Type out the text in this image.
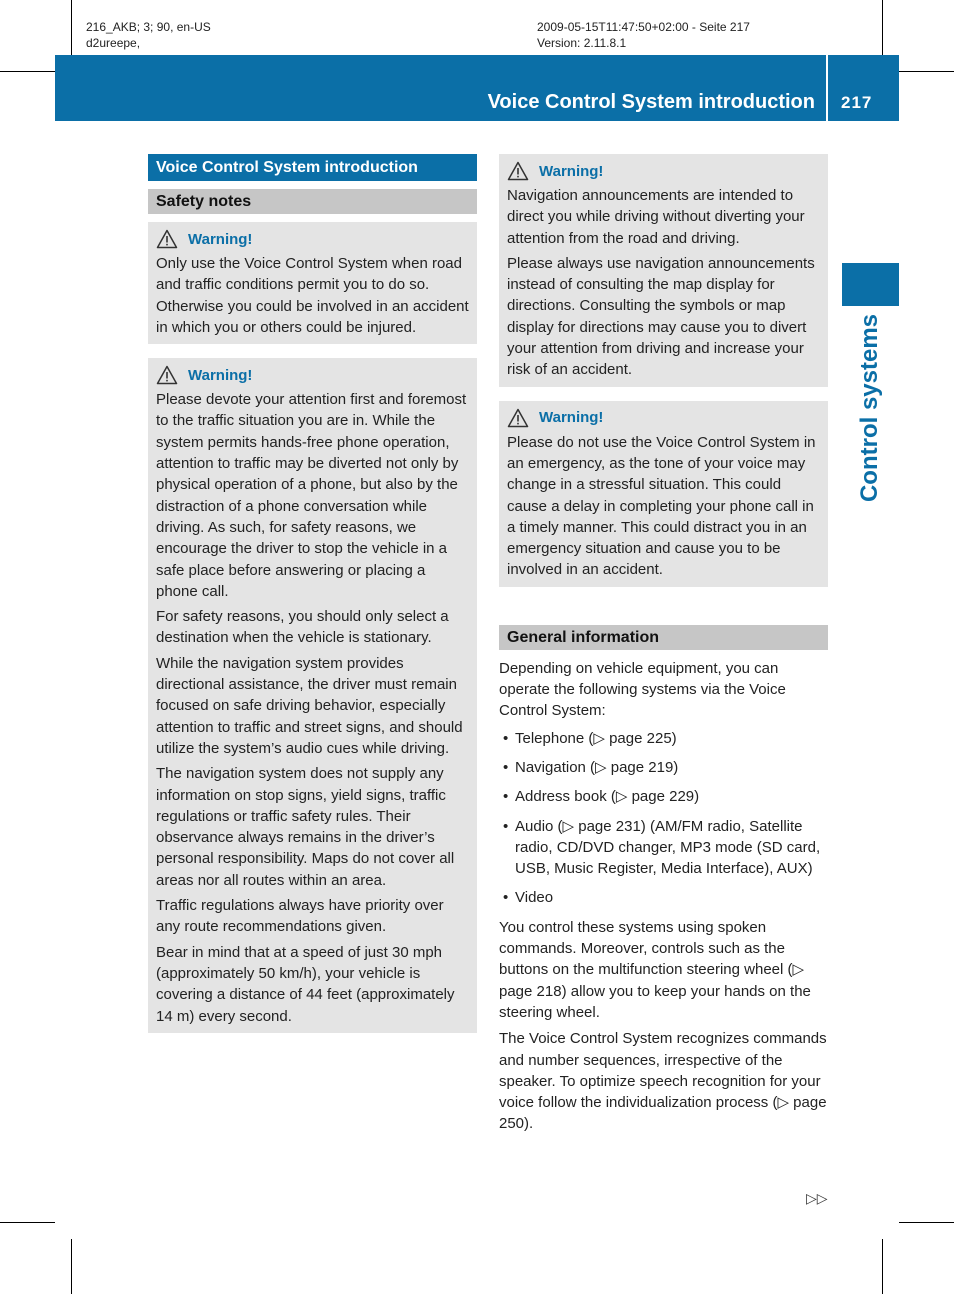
216_AKB; 3; 90, en-US
d2ureepe,
2009-05-15T11:47:50+02:00 - Seite 217
Version: 2.11.8.1
Voice Control System introduction 217
Control systems
Voice Control System introduction
Safety notes
Warning!
Only use the Voice Control System when road and traffic conditions permit you to do so. Otherwise you could be involved in an accident in which you or others could be injured.
Warning!
Please devote your attention first and foremost to the traffic situation you are in. While the system permits hands-free phone operation, attention to traffic may be diverted not only by physical operation of a phone, but also by the distraction of a phone conversation while driving. As such, for safety reasons, we encourage the driver to stop the vehicle in a safe place before answering or placing a phone call.
For safety reasons, you should only select a destination when the vehicle is stationary.
While the navigation system provides directional assistance, the driver must remain focused on safe driving behavior, especially attention to traffic and street signs, and should utilize the system’s audio cues while driving.
The navigation system does not supply any information on stop signs, yield signs, traffic regulations or traffic safety rules. Their observance always remains in the driver’s personal responsibility. Maps do not cover all areas nor all routes within an area.
Traffic regulations always have priority over any route recommendations given.
Bear in mind that at a speed of just 30 mph (approximately 50 km/h), your vehicle is covering a distance of 44 feet (approximately 14 m) every second.
Warning!
Navigation announcements are intended to direct you while driving without diverting your attention from the road and driving.
Please always use navigation announcements instead of consulting the map display for directions. Consulting the symbols or map display for directions may cause you to divert your attention from driving and increase your risk of an accident.
Warning!
Please do not use the Voice Control System in an emergency, as the tone of your voice may change in a stressful situation. This could cause a delay in completing your phone call in a timely manner. This could distract you in an emergency situation and cause you to be involved in an accident.
General information
Depending on vehicle equipment, you can operate the following systems via the Voice Control System:
• Telephone (▷ page 225)
• Navigation (▷ page 219)
• Address book (▷ page 229)
• Audio (▷ page 231) (AM/FM radio, Satellite radio, CD/DVD changer, MP3 mode (SD card, USB, Music Register, Media Interface), AUX)
• Video
You control these systems using spoken commands. Moreover, controls such as the buttons on the multifunction steering wheel (▷ page 218) allow you to keep your hands on the steering wheel.
The Voice Control System recognizes commands and number sequences, irrespective of the speaker. To optimize speech recognition for your voice follow the individualization process (▷ page 250).
▷▷
